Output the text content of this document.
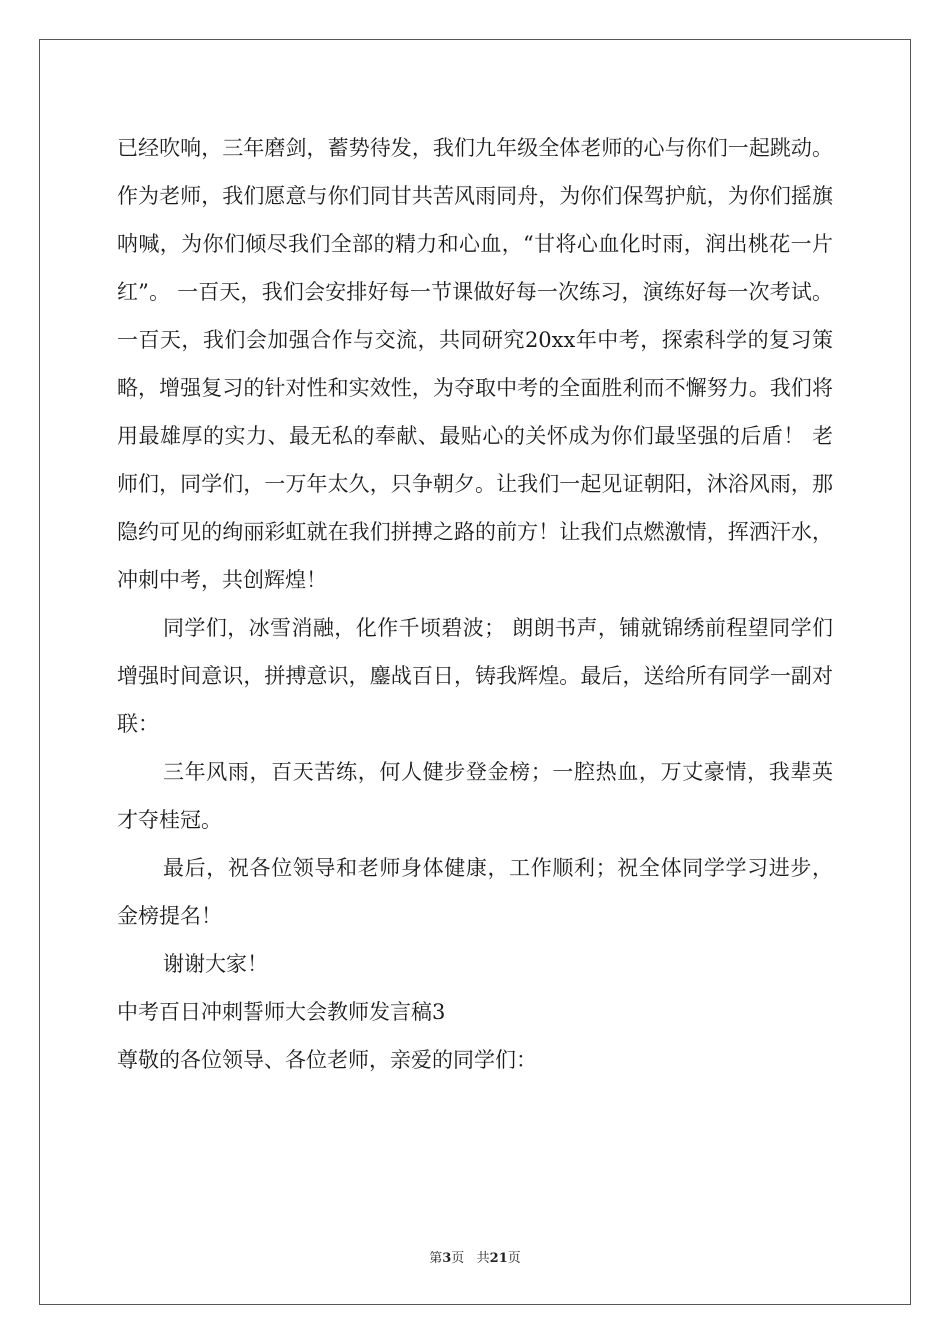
已经吹响，三年磨剑，蓄势待发，我们九年级全体老师的心与你们一起跳动。作为老师，我们愿意与你们同甘共苦风雨同舟，为你们保驾护航，为你们摇旗呐喊，为你们倾尽我们全部的精力和心血，“甘将心血化时雨，润出桃花一片红”。 一百天，我们会安排好每一节课做好每一次练习，演练好每一次考试。 一百天，我们会加强合作与交流，共同研究20xx年中考，探索科学的复习策略，增强复习的针对性和实效性，为夺取中考的全面胜利而不懈努力。我们将用最雄厚的实力、最无私的奉献、最贴心的关怀成为你们最坚强的后盾！ 老师们，同学们，一万年太久，只争朝夕。让我们一起见证朝阳，沐浴风雨，那隐约可见的绚丽彩虹就在我们拼搏之路的前方！让我们点燃激情，挥洒汗水，冲刺中考，共创辉煌！

同学们，冰雪消融，化作千顷碧波； 朗朗书声，铺就锦绣前程望同学们增强时间意识，拼搏意识，鏖战百日，铸我辉煌。最后，送给所有同学一副对联：

三年风雨，百天苦练，何人健步登金榜；一腔热血，万丈豪情，我辈英才夺桂冠。

最后，祝各位领导和老师身体健康，工作顺利；祝全体同学学习进步，金榜提名！

谢谢大家！

中考百日冲刺誓师大会教师发言稿3

尊敬的各位领导、各位老师，亲爱的同学们：

第3页   共21页
